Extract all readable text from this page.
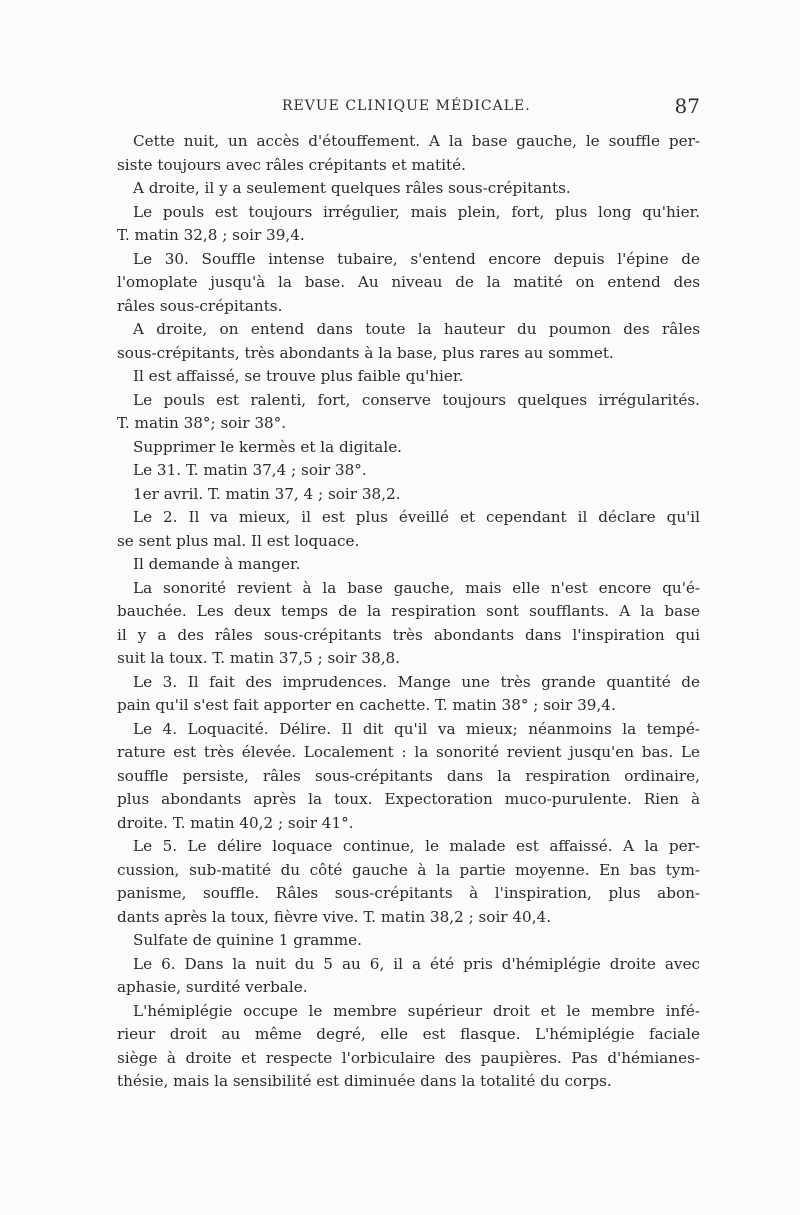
REVUE CLINIQUE MÉDICALE.	87
Cette nuit, un accès d'étouffement. A la base gauche, le souffle per-
siste toujours avec râles crépitants et matité.
A droite, il y a seulement quelques râles sous-crépitants.
Le pouls est toujours irrégulier, mais plein, fort, plus long qu'hier.
T. matin 32,8 ; soir 39,4.
Le 30. Souffle intense tubaire, s'entend encore depuis l'épine de
l'omoplate jusqu'à la base. Au niveau de la matité on entend des
râles sous-crépitants.
A droite, on entend dans toute la hauteur du poumon des râles
sous-crépitants, très abondants à la base, plus rares au sommet.
Il est affaissé, se trouve plus faible qu'hier.
Le pouls est ralenti, fort, conserve toujours quelques irrégularités.
T. matin 38°; soir 38°.
Supprimer le kermès et la digitale.
Le 31. T. matin 37,4 ; soir 38°.
1er avril. T. matin 37, 4 ; soir 38,2.
Le 2. Il va mieux, il est plus éveillé et cependant il déclare qu'il
se sent plus mal. Il est loquace.
Il demande à manger.
La sonorité revient à la base gauche, mais elle n'est encore qu'é-
bauchée. Les deux temps de la respiration sont soufflants. A la base
il y a des râles sous-crépitants très abondants dans l'inspiration qui
suit la toux. T. matin 37,5 ; soir 38,8.
Le 3. Il fait des imprudences. Mange une très grande quantité de
pain qu'il s'est fait apporter en cachette. T. matin 38° ; soir 39,4.
Le 4. Loquacité. Délire. Il dit qu'il va mieux; néanmoins la tempé-
rature est très élevée. Localement : la sonorité revient jusqu'en bas. Le
souffle persiste, râles sous-crépitants dans la respiration ordinaire,
plus abondants après la toux. Expectoration muco-purulente. Rien à
droite. T. matin 40,2 ; soir 41°.
Le 5. Le délire loquace continue, le malade est affaissé. A la per-
cussion, sub-matité du côté gauche à la partie moyenne. En bas tym-
panisme, souffle. Râles sous-crépitants à l'inspiration, plus abon-
dants après la toux, fièvre vive. T. matin 38,2 ; soir 40,4.
Sulfate de quinine 1 gramme.
Le 6. Dans la nuit du 5 au 6, il a été pris d'hémiplégie droite avec
aphasie, surdité verbale.
L'hémiplégie occupe le membre supérieur droit et le membre infé-
rieur droit au même degré, elle est flasque. L'hémiplégie faciale
siège à droite et respecte l'orbiculaire des paupières. Pas d'hémianes-
thésie, mais la sensibilité est diminuée dans la totalité du corps.
